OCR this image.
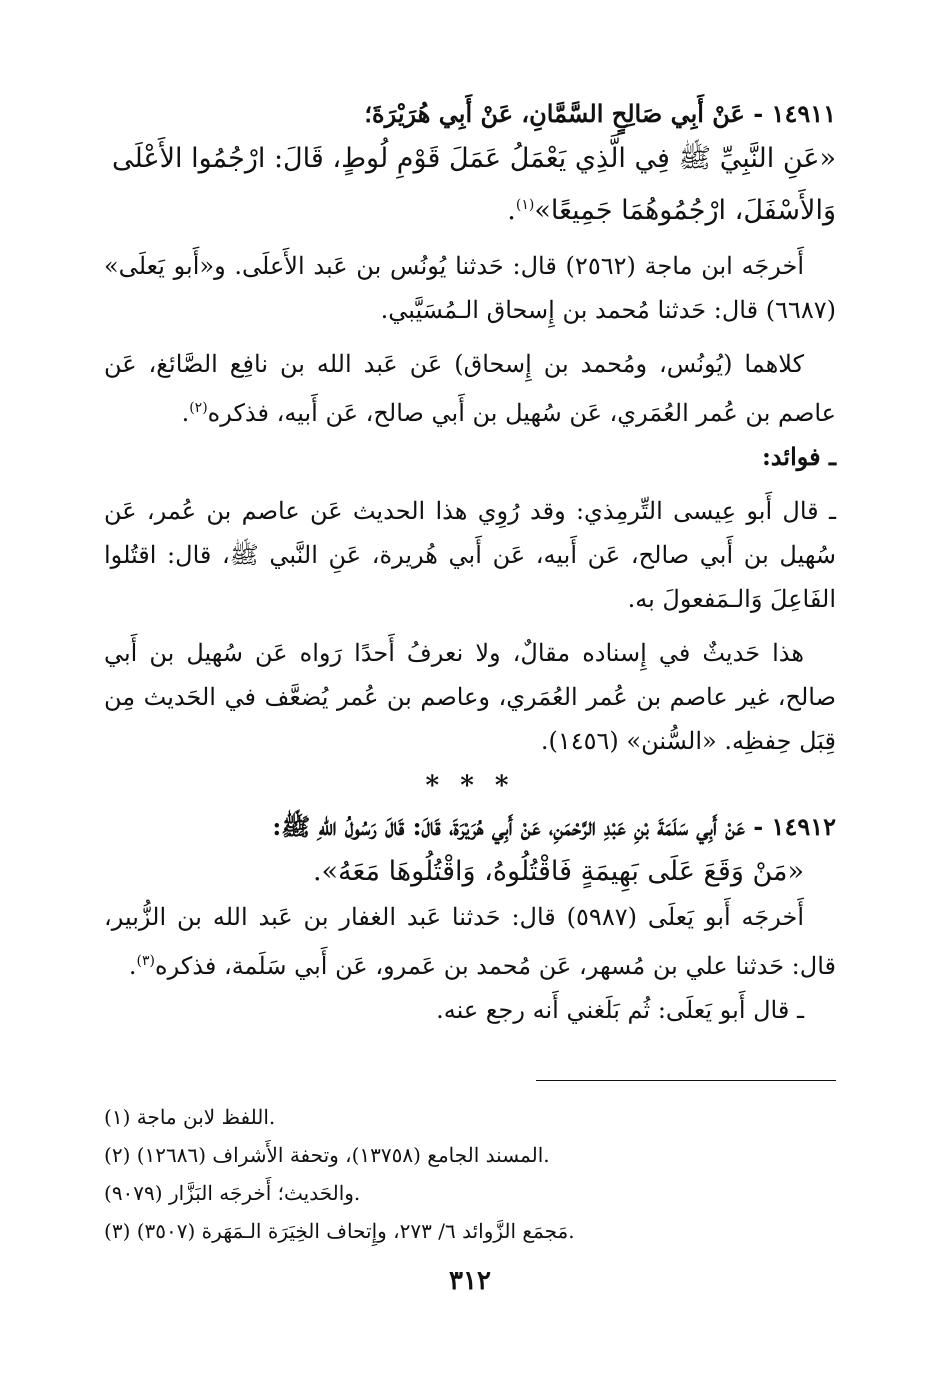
١٤٩١١ - عَنْ أَبِي صَالِحٍ السَّمَّانِ، عَنْ أَبِي هُرَيْرَةَ؛

«عَنِ النَّبِيِّ ﷺ فِي الَّذِي يَعْمَلُ عَمَلَ قَوْمِ لُوطٍ، قَالَ: ارْجُمُوا الأَعْلَى وَالأَسْفَلَ، ارْجُمُوهُمَا جَمِيعًا»$^{(١)}$.

أَخرجَه ابن ماجة (٢٥٦٢) قال: حَدثنا يُونُس بن عَبد الأَعلَى. و«أَبو يَعلَى» (٦٦٨٧) قال: حَدثنا مُحمد بن إِسحاق الـمُسَيَّبي.

كلاهما (يُونُس، ومُحمد بن إِسحاق) عَن عَبد الله بن نافِع الصَّائغ، عَن عاصم بن عُمر العُمَري، عَن سُهيل بن أَبي صالح، عَن أَبيه، فذكره$^{(٢)}$.

ـ فوائد:

ـ قال أَبو عِيسى التِّرمِذي: وقد رُوِي هذا الحديث عَن عاصم بن عُمر، عَن سُهيل بن أَبي صالح، عَن أَبيه، عَن أَبي هُريرة، عَنِ النَّبي ﷺ، قال: اقتُلوا الفَاعِلَ وَالـمَفعولَ به.

هذا حَديثٌ في إِسناده مقالٌ، ولا نعرفُ أَحدًا رَواه عَن سُهيل بن أَبي صالح، غير عاصم بن عُمر العُمَري، وعاصم بن عُمر يُضعَّف في الحَديث مِن قِبَل حِفظِه. «السُّنن» (١٤٥٦).

* * *

١٤٩١٢ - عَنْ أَبِي سَلَمَةَ بْنِ عَبْدِ الرَّحْمَنِ، عَنْ أَبِي هُرَيْرَةَ، قَالَ: قَالَ رَسُولُ اللهِ ﷺ:

«مَنْ وَقَعَ عَلَى بَهِيمَةٍ فَاقْتُلُوهُ، وَاقْتُلُوهَا مَعَهُ».

أَخرجَه أَبو يَعلَى (٥٩٨٧) قال: حَدثنا عَبد الغفار بن عَبد الله بن الزُّبير، قال: حَدثنا علي بن مُسهر، عَن مُحمد بن عَمرو، عَن أَبي سَلَمة، فذكره$^{(٣)}$.

ـ قال أَبو يَعلَى: ثُم بَلَغني أَنه رجع عنه.

(١) اللفظ لابن ماجة.

(٢) المسند الجامع (١٣٧٥٨)، وتحفة الأَشراف (١٢٦٨٦).

والحَديث؛ أَخرجَه البَزَّار (٩٠٧٩).

(٣) مَجمَع الزَّوائد ٦/ ٢٧٣، وإِتحاف الخِيَرَة الـمَهَرة (٣٥٠٧).

٣١٢
